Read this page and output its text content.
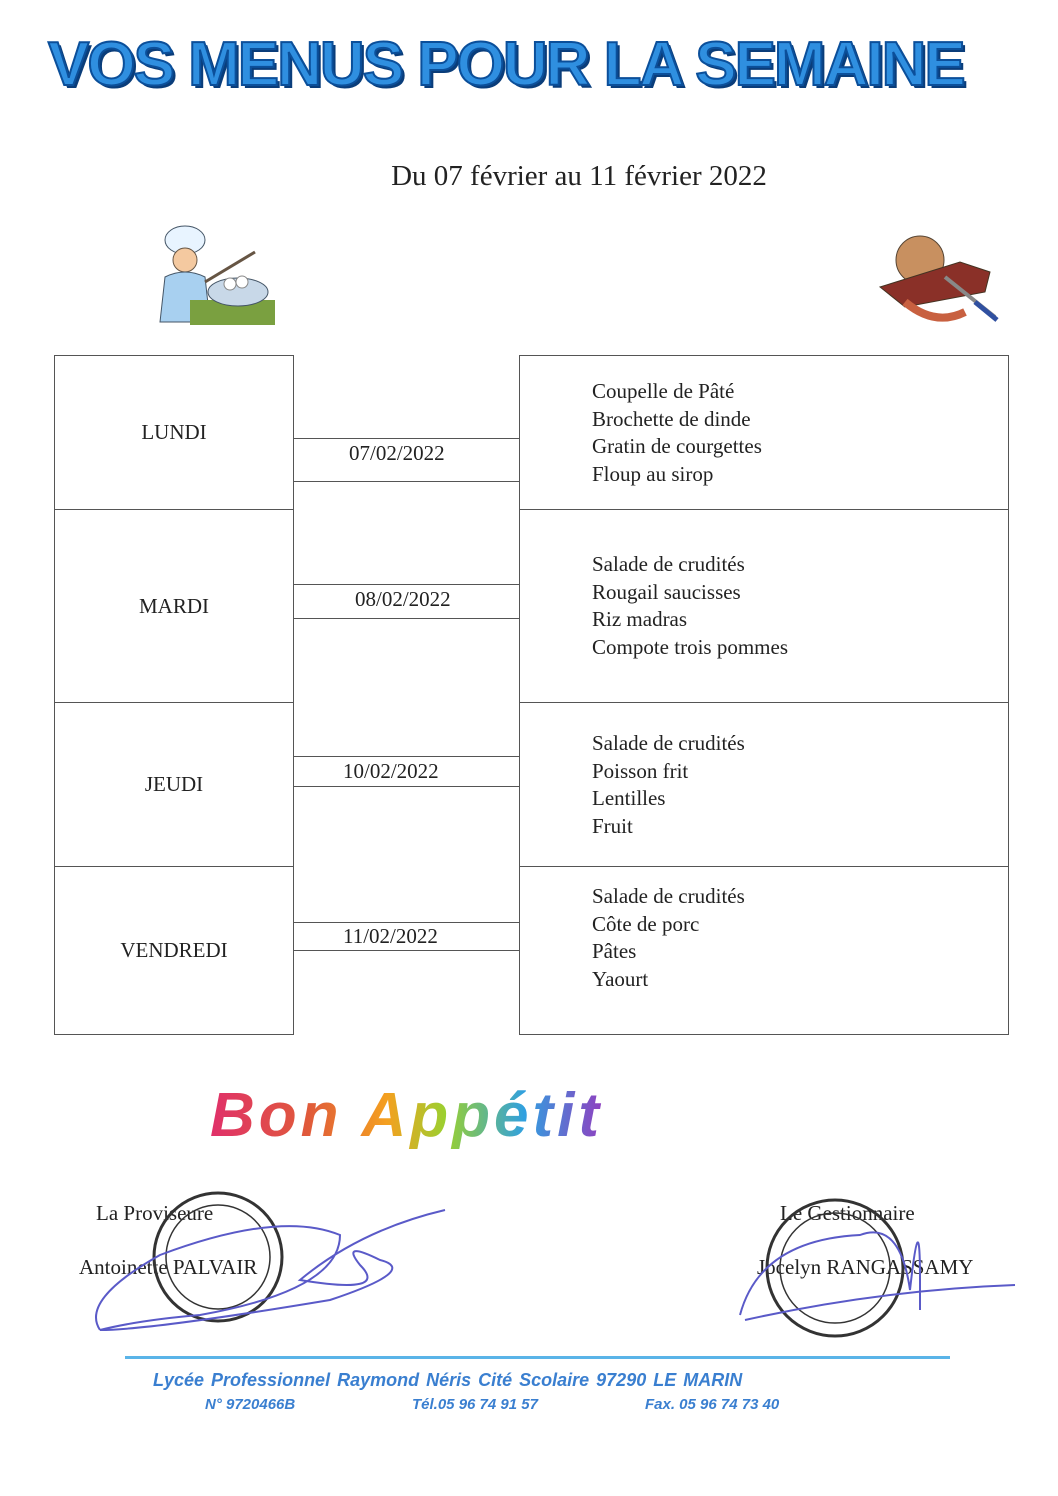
VOS MENUS POUR LA SEMAINE
Du 07 février au 11 février 2022
LUNDI
MARDI
JEUDI
VENDREDI
07/02/2022
08/02/2022
10/02/2022
11/02/2022
Coupelle de Pâté
Brochette de dinde
Gratin de courgettes
Floup au sirop
Salade de crudités
Rougail saucisses
Riz madras
Compote trois pommes
Salade de crudités
Poisson frit
Lentilles
Fruit
Salade de crudités
Côte de porc
Pâtes
Yaourt
Bon Appétit
La Proviseure
Antoinette PALVAIR
Le Gestionnaire
Jocelyn RANGASSAMY
Lycée Professionnel Raymond Néris Cité Scolaire 97290 LE MARIN
N° 9720466B	Tél.05 96 74 91 57	Fax. 05 96 74 73 40
